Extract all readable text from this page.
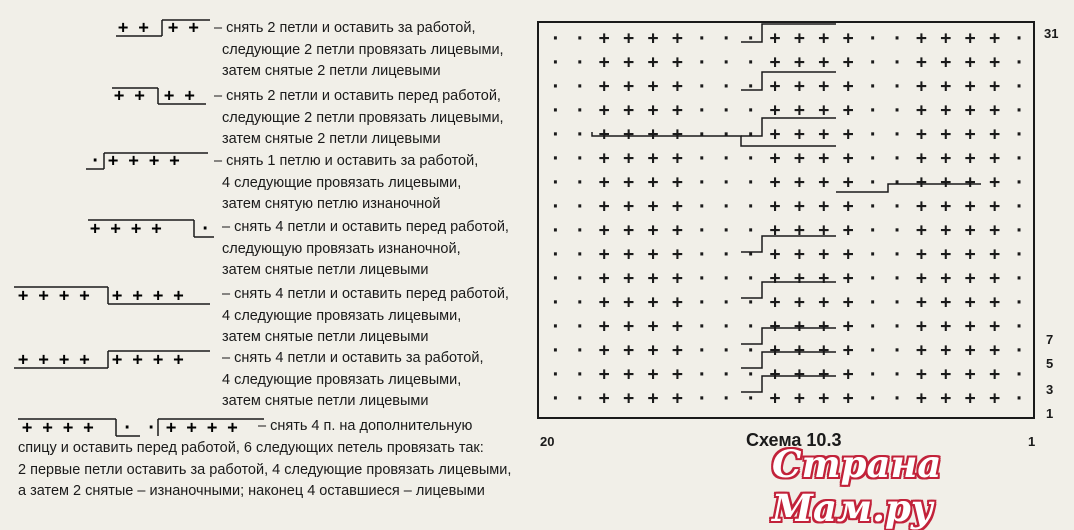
+ + + + – снять 2 петли и оставить за работой,
следующие 2 петли провязать лицевыми,
затем снятые 2 петли лицевыми
+ + + + – снять 2 петли и оставить перед работой,
следующие 2 петли провязать лицевыми,
затем снятые 2 петли лицевыми
· + + + + – снять 1 петлю и оставить за работой,
4 следующие провязать лицевыми,
затем снятую петлю изнаночной
+ + + + · – снять 4 петли и оставить перед работой,
следующую провязать изнаночной,
затем снятые петли лицевыми
+ + + + + + + +	– снять 4 петли и оставить перед работой,
4 следующие провязать лицевыми,
затем снятые петли лицевыми
+ + + + + + + +	– снять 4 петли и оставить за работой,
4 следующие провязать лицевыми,
затем снятые петли лицевыми
+ + + + · · + + + + – снять 4 п. на дополнительную
спицу и оставить перед работой, 6 следующих петель провязать так:
2 первые петли оставить за работой, 4 следующие провязать лицевыми,
а затем 2 снятые – изнаночными; наконец 4 оставшиеся – лицевыми
· · + + + + · · · + + + + · · + + + + ·
· · + + + + · · · + + + + · · + + + + ·
· · + + + + · · · + + + + · · + + + + ·
· · + + + + · · · + + + + · · + + + + ·
· · + + + + · · · + + + + · · + + + + ·
· · + + + + · · · + + + + · · + + + + ·
· · + + + + · · · + + + + · · + + + + ·
· · + + + + · · · + + + + · · + + + + ·
· · + + + + · · · + + + + · · + + + + ·
· · + + + + · · · + + + + · · + + + + ·
· · + + + + · · · + + + + · · + + + + ·
· · + + + + · · · + + + + · · + + + + ·
· · + + + + · · · + + + + · · + + + + ·
· · + + + + · · · + + + + · · + + + + ·
· · + + + + · · · + + + + · · + + + + ·
· · + + + + · · · + + + + · · + + + + ·
31
7
5
3
1
20	1
Схема 10.3
Страна Мам.ру
